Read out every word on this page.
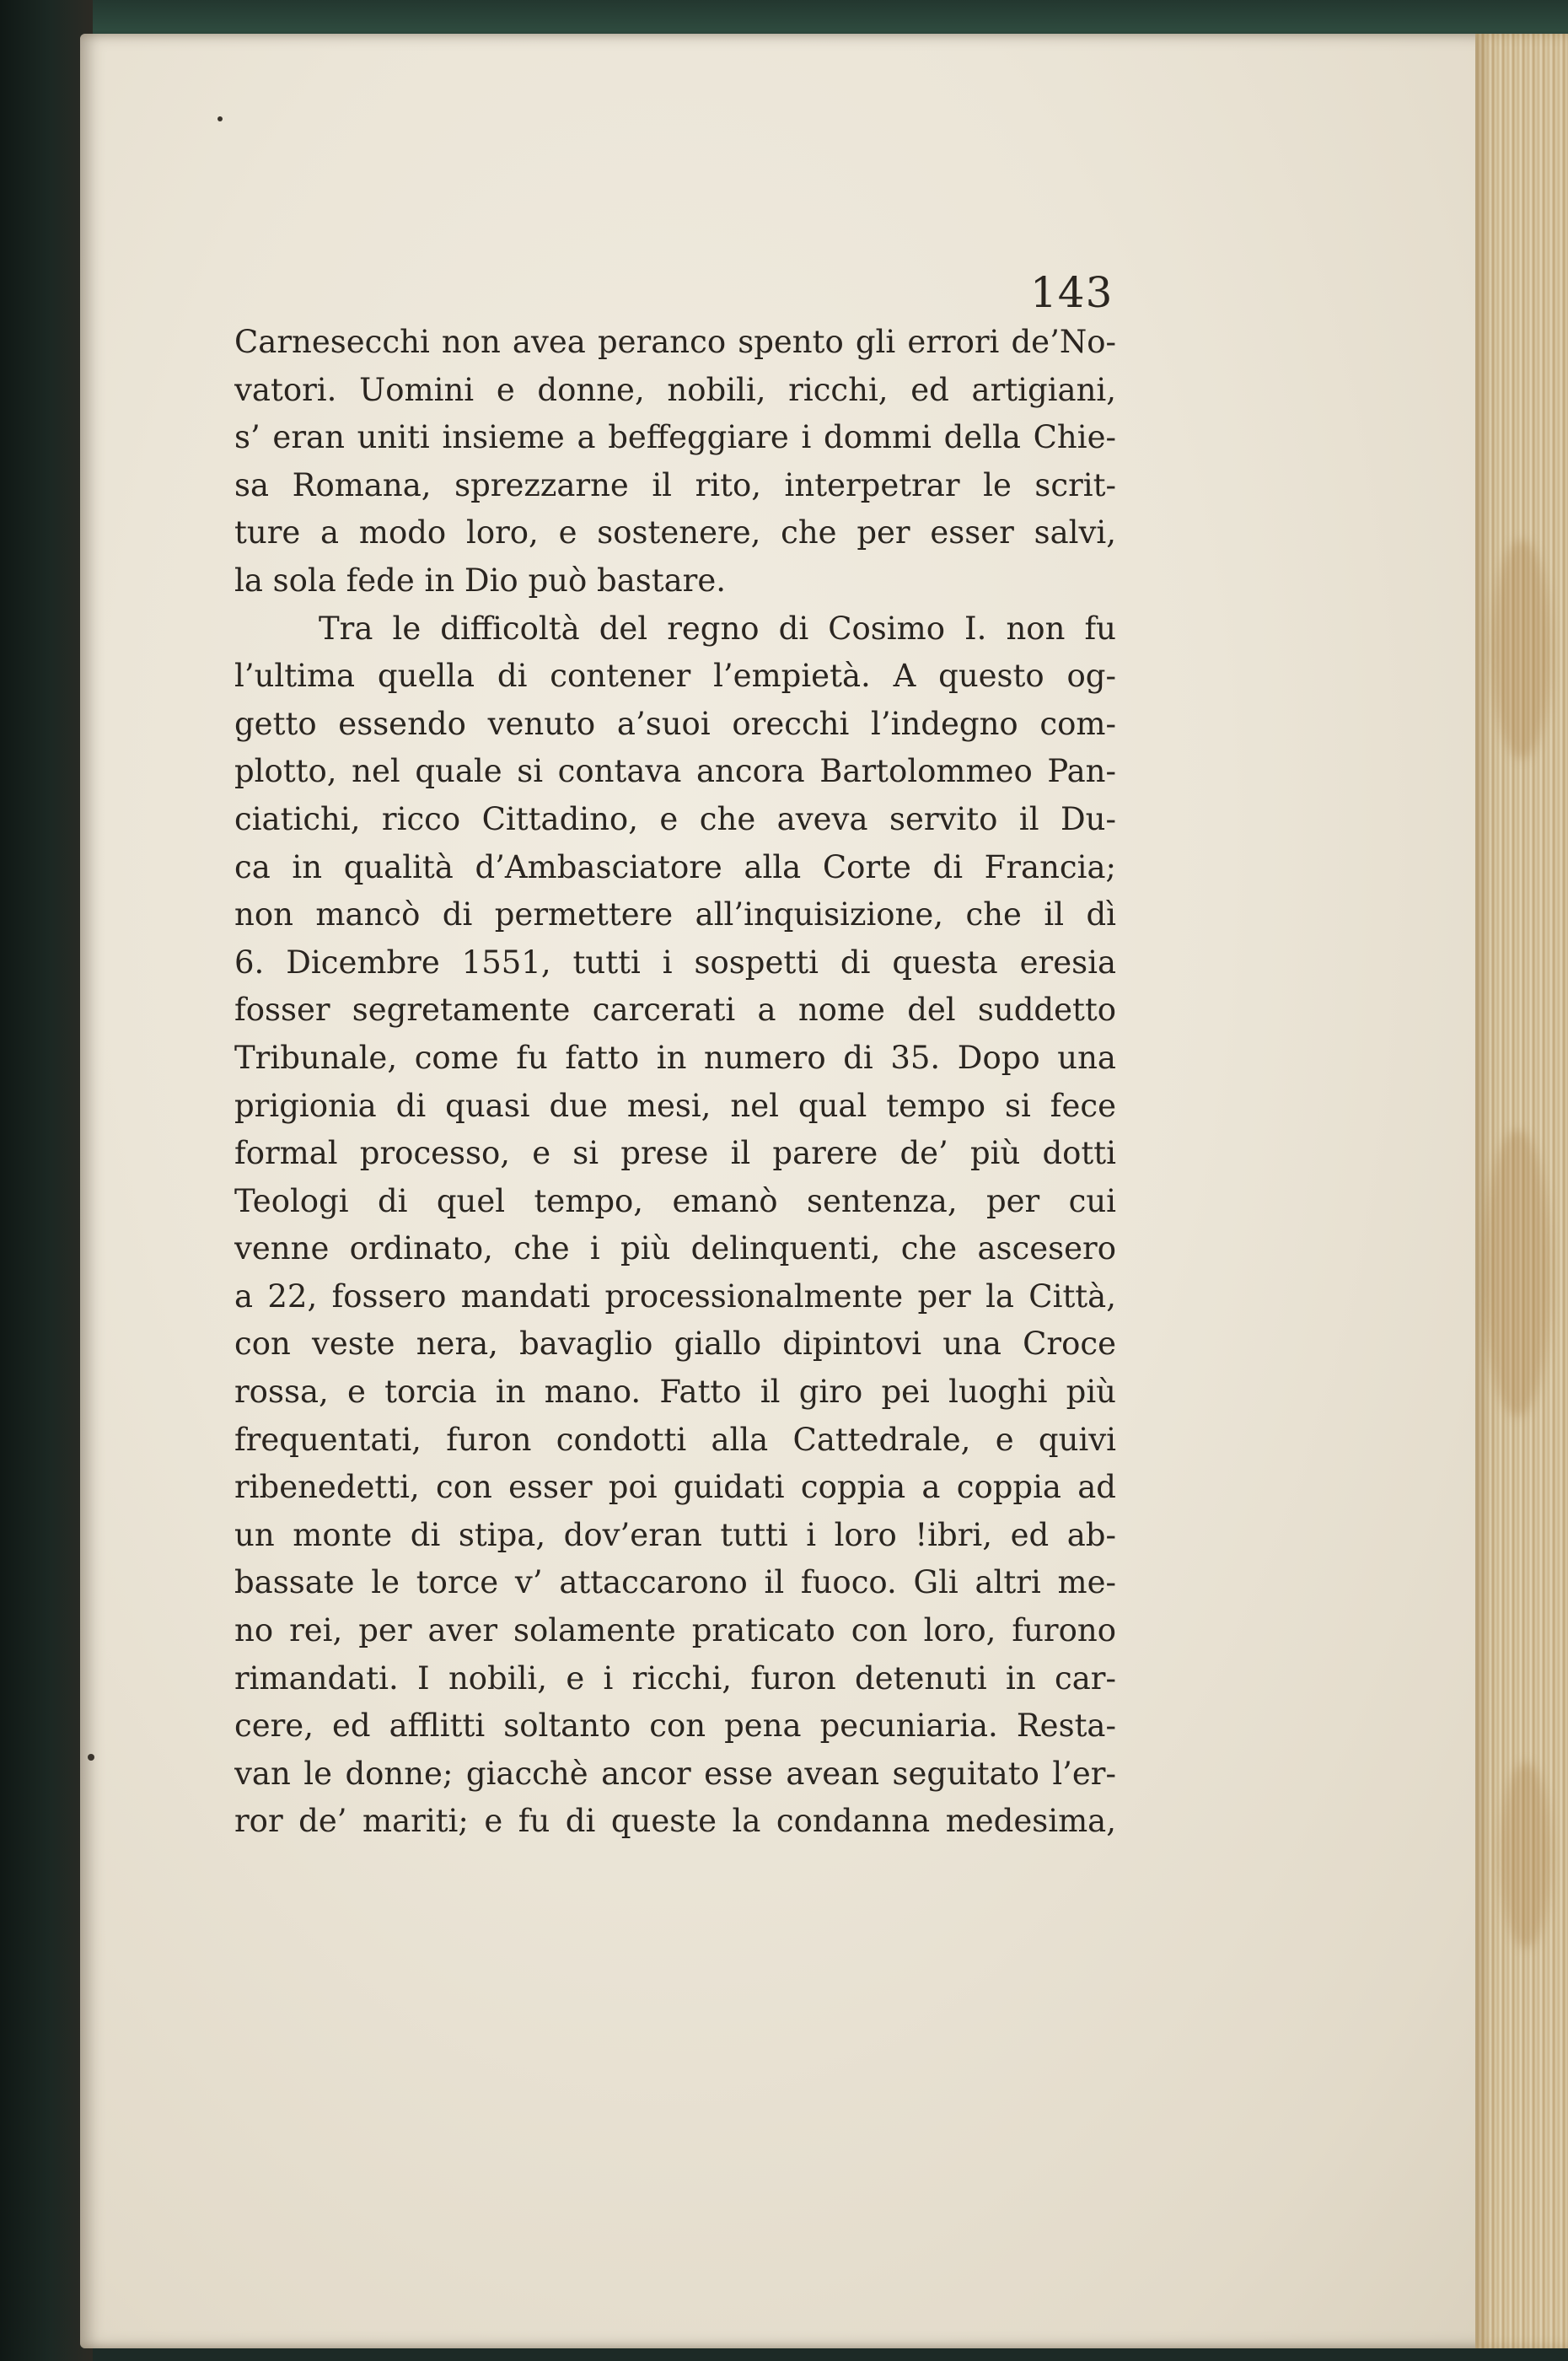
143
Carnesecchi non avea peranco spento gli errori de’No-
vatori. Uomini e donne, nobili, ricchi, ed artigiani,
s’ eran uniti insieme a beffeggiare i dommi della Chie-
sa Romana, sprezzarne il rito, interpetrar le scrit-
ture a modo loro, e sostenere, che per esser salvi,
la sola fede in Dio può bastare.
Tra le difficoltà del regno di Cosimo I. non fu
l’ultima quella di contener l’empietà. A questo og-
getto essendo venuto a’suoi orecchi l’indegno com-
plotto, nel quale si contava ancora Bartolommeo Pan-
ciatichi, ricco Cittadino, e che aveva servito il Du-
ca in qualità d’Ambasciatore alla Corte di Francia;
non mancò di permettere all’inquisizione, che il dì
6. Dicembre 1551, tutti i sospetti di questa eresia
fosser segretamente carcerati a nome del suddetto
Tribunale, come fu fatto in numero di 35. Dopo una
prigionia di quasi due mesi, nel qual tempo si fece
formal processo, e si prese il parere de’ più dotti
Teologi di quel tempo, emanò sentenza, per cui
venne ordinato, che i più delinquenti, che ascesero
a 22, fossero mandati processionalmente per la Città,
con veste nera, bavaglio giallo dipintovi una Croce
rossa, e torcia in mano. Fatto il giro pei luoghi più
frequentati, furon condotti alla Cattedrale, e quivi
ribenedetti, con esser poi guidati coppia a coppia ad
un monte di stipa, dov’eran tutti i loro !ibri, ed ab-
bassate le torce v’ attaccarono il fuoco. Gli altri me-
no rei, per aver solamente praticato con loro, furono
rimandati. I nobili, e i ricchi, furon detenuti in car-
cere, ed afflitti soltanto con pena pecuniaria. Resta-
van le donne; giacchè ancor esse avean seguitato l’er-
ror de’ mariti; e fu di queste la condanna medesima,
